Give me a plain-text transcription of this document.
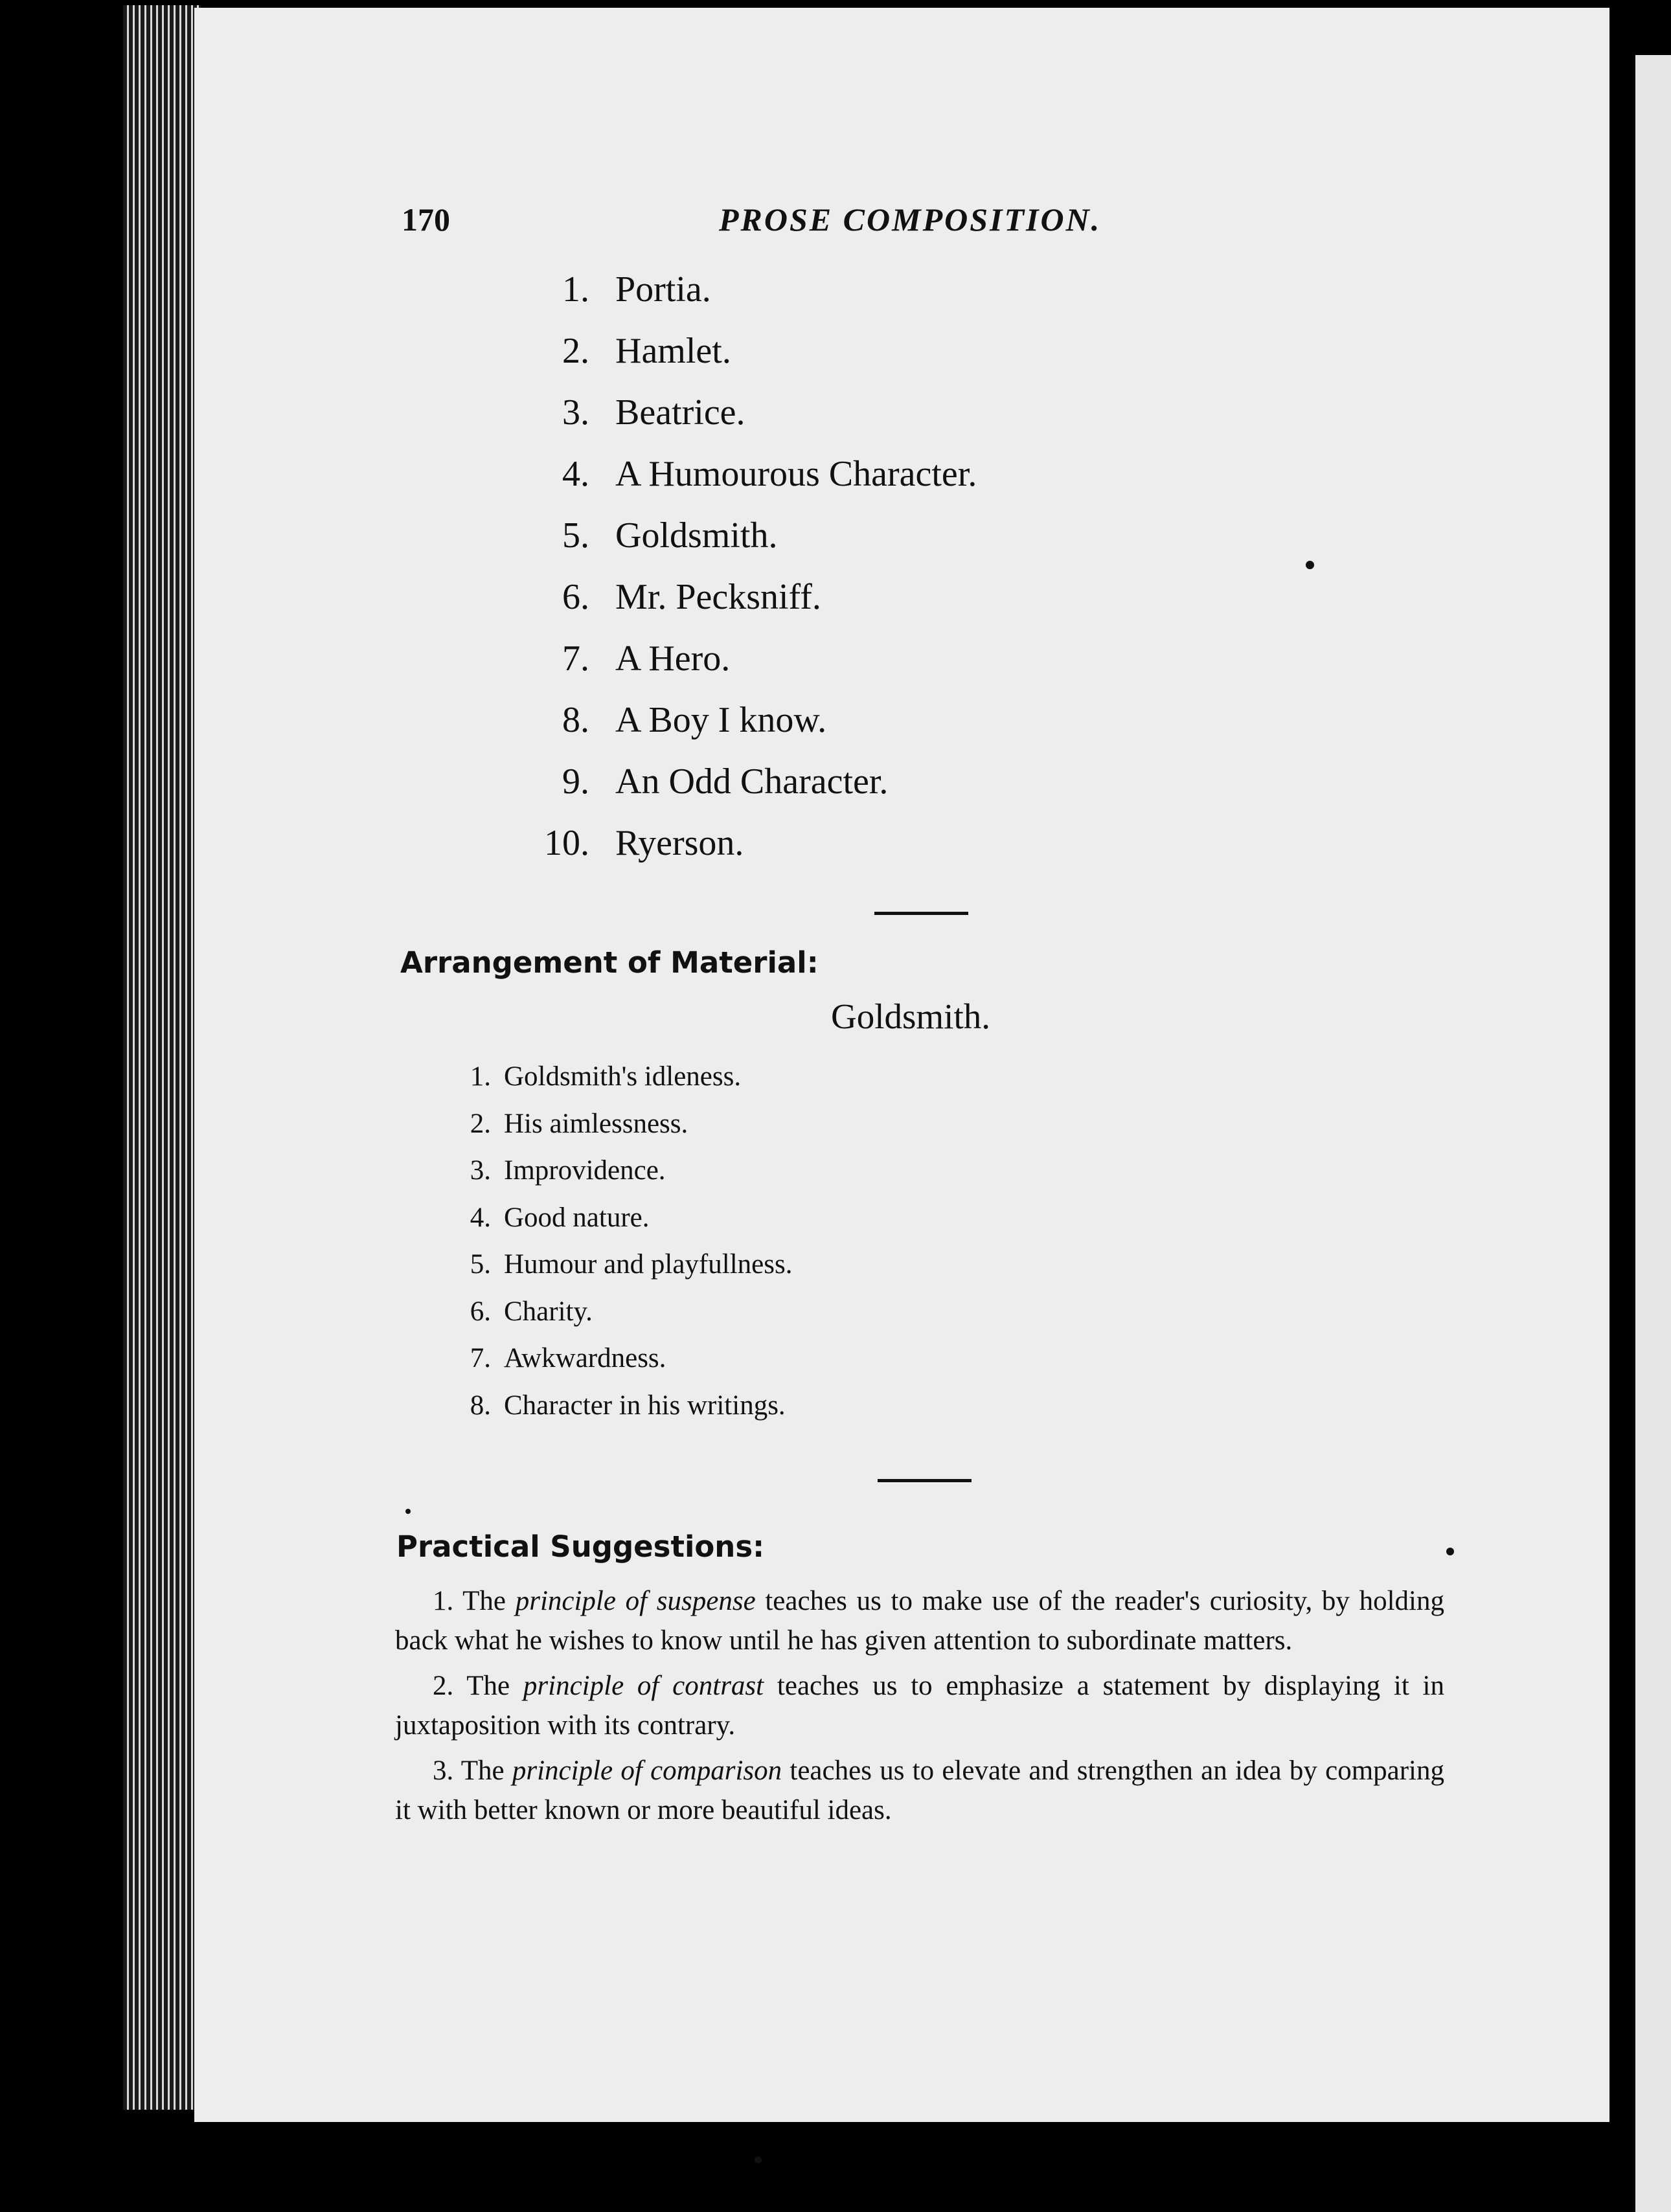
170	PROSE COMPOSITION.
1. Portia.
2. Hamlet.
3. Beatrice.
4. A Humourous Character.
5. Goldsmith.
6. Mr. Pecksniff.
7. A Hero.
8. A Boy I know.
9. An Odd Character.
10. Ryerson.
Arrangement of Material:
Goldsmith.
1. Goldsmith's idleness.
2. His aimlessness.
3. Improvidence.
4. Good nature.
5. Humour and playfullness.
6. Charity.
7. Awkwardness.
8. Character in his writings.
Practical Suggestions:

1. The principle of suspense teaches us to make use of the reader's curiosity, by holding back what he wishes to know until he has given attention to subordinate matters.

2. The principle of contrast teaches us to emphasize a statement by displaying it in juxtaposition with its contrary.

3. The principle of comparison teaches us to elevate and strengthen an idea by comparing it with better known or more beautiful ideas.
